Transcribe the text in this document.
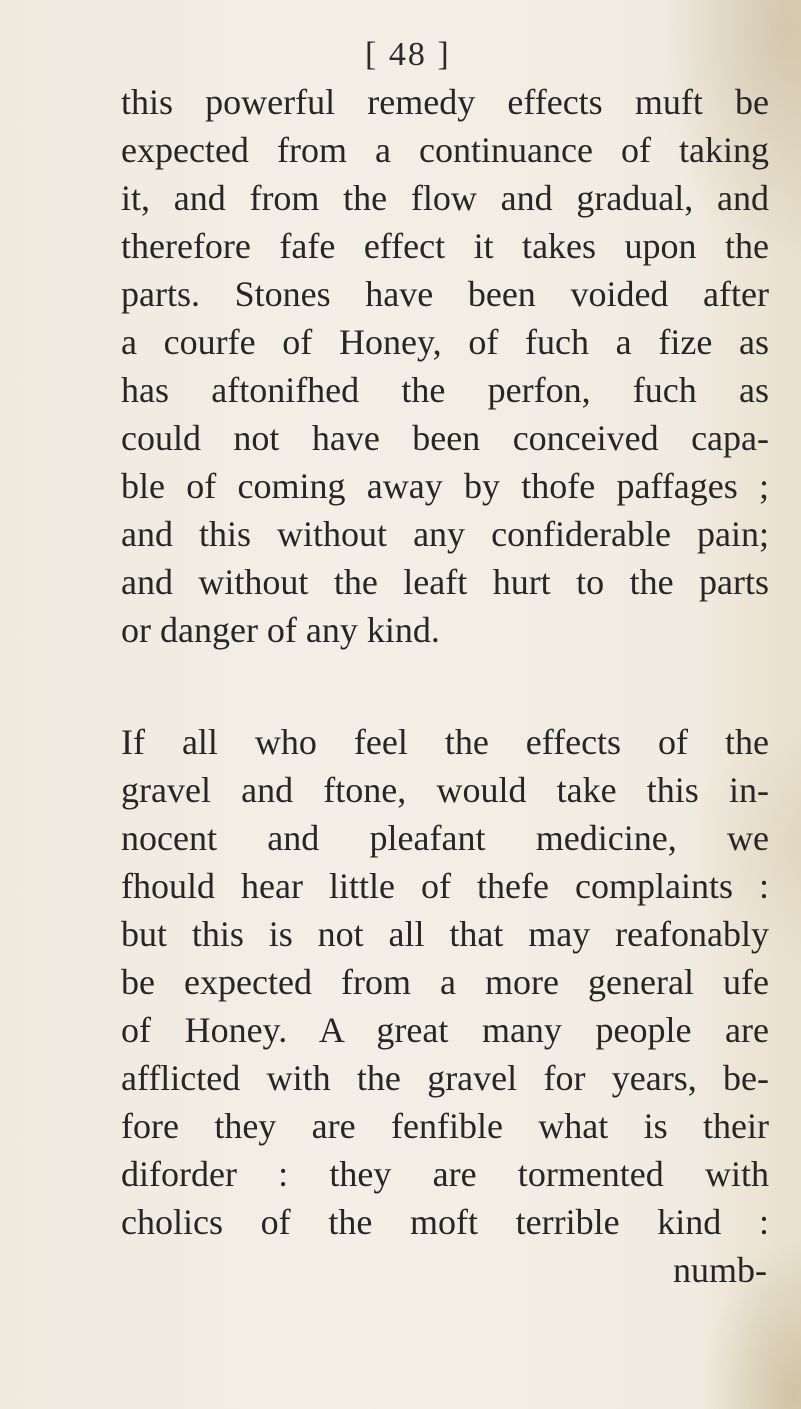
[ 48 ]
this powerful remedy effects muft be
expected from a continuance of taking
it, and from the flow and gradual, and
therefore fafe effect it takes upon the
parts. Stones have been voided after
a courfe of Honey, of fuch a fize as
has aftonifhed the perfon, fuch as
could not have been conceived capa-
ble of coming away by thofe paffages ;
and this without any confiderable pain;
and without the leaft hurt to the parts
or danger of any kind.
If all who feel the effects of the
gravel and ftone, would take this in-
nocent and pleafant medicine, we
fhould hear little of thefe complaints :
but this is not all that may reafonably
be expected from a more general ufe
of Honey. A great many people are
afflicted with the gravel for years, be-
fore they are fenfible what is their
diforder : they are tormented with
cholics of the moft terrible kind :
numb-
